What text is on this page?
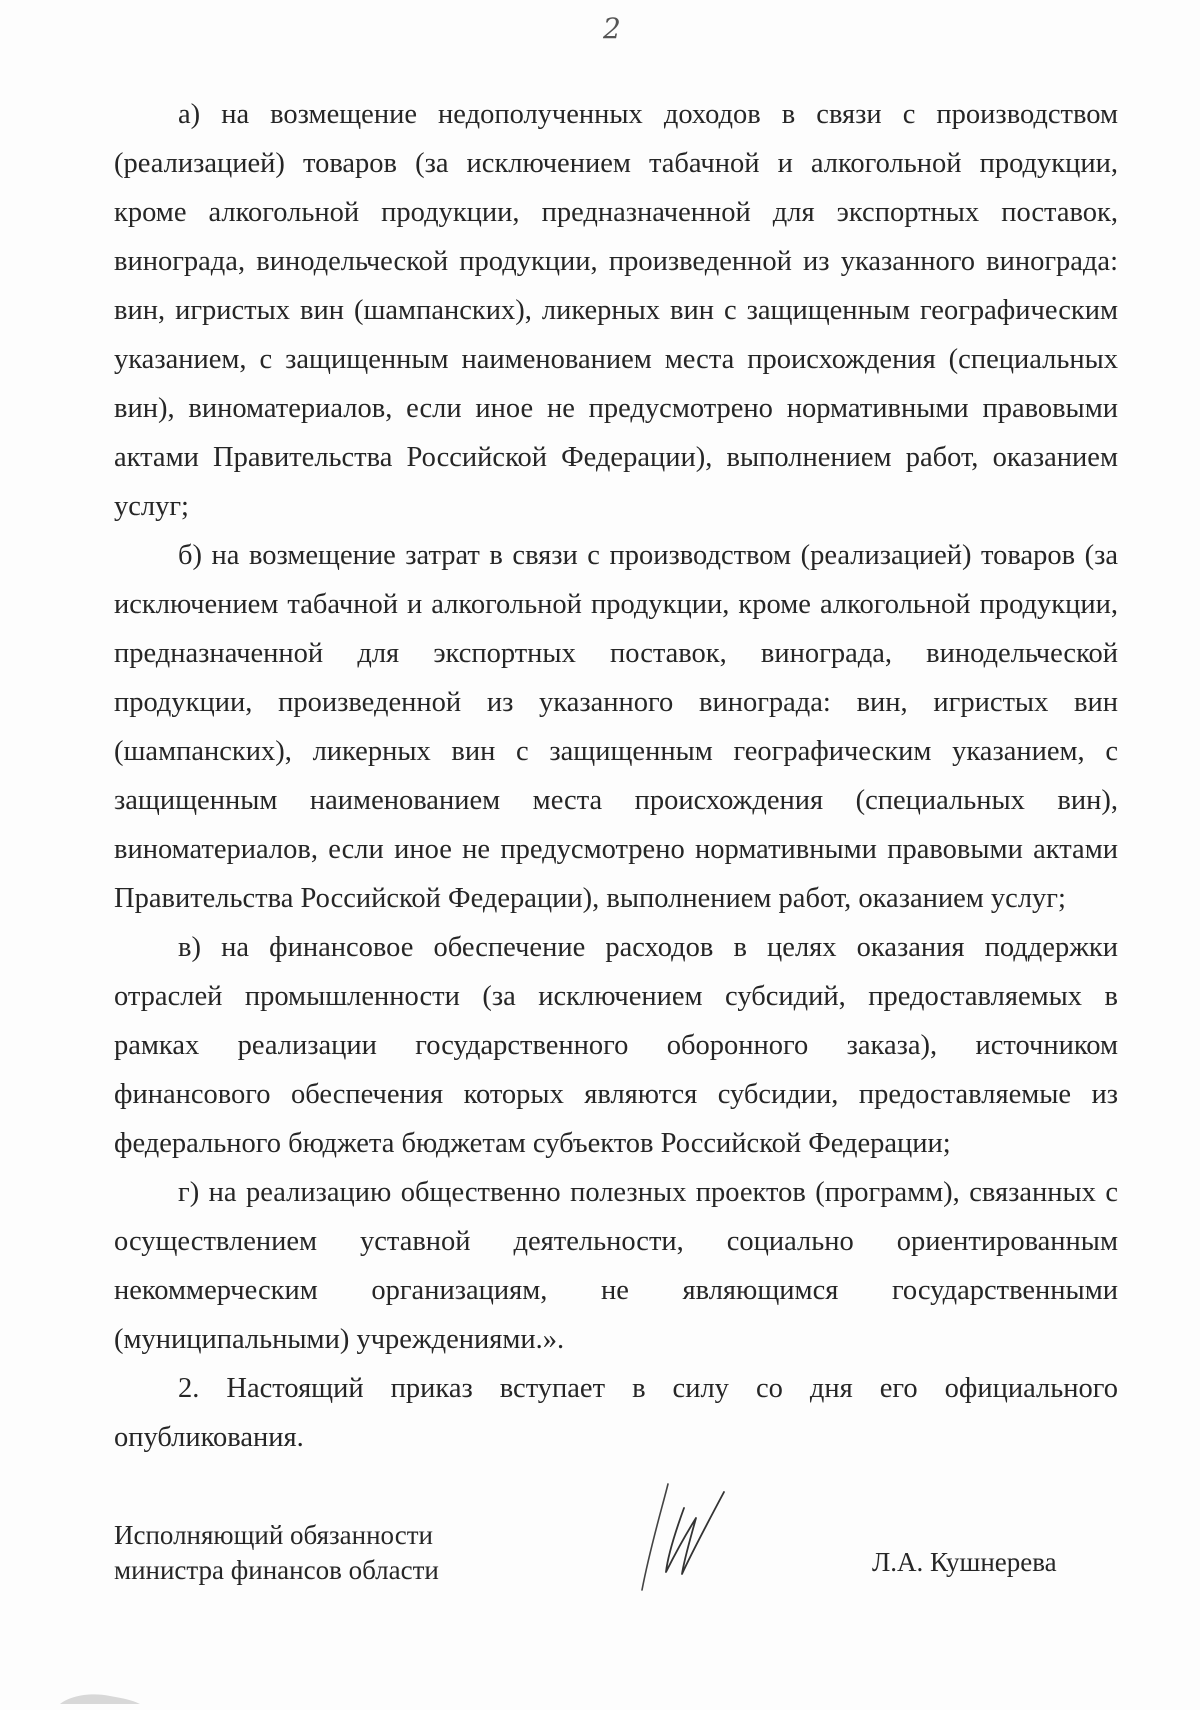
2

а) на возмещение недополученных доходов в связи с производством (реализацией) товаров (за исключением табачной и алкогольной продукции, кроме алкогольной продукции, предназначенной для экспортных поставок, винограда, винодельческой продукции, произведенной из указанного винограда: вин, игристых вин (шампанских), ликерных вин с защищенным географическим указанием, с защищенным наименованием места происхождения (специальных вин), виноматериалов, если иное не предусмотрено нормативными правовыми актами Правительства Российской Федерации), выполнением работ, оказанием услуг;

б) на возмещение затрат в связи с производством (реализацией) товаров (за исключением табачной и алкогольной продукции, кроме алкогольной продукции, предназначенной для экспортных поставок, винограда, винодельческой продукции, произведенной из указанного винограда: вин, игристых вин (шампанских), ликерных вин с защищенным географическим указанием, с защищенным наименованием места происхождения (специальных вин), виноматериалов, если иное не предусмотрено нормативными правовыми актами Правительства Российской Федерации), выполнением работ, оказанием услуг;

в) на финансовое обеспечение расходов в целях оказания поддержки отраслей промышленности (за исключением субсидий, предоставляемых в рамках реализации государственного оборонного заказа), источником финансового обеспечения которых являются субсидии, предоставляемые из федерального бюджета бюджетам субъектов Российской Федерации;

г) на реализацию общественно полезных проектов (программ), связанных с осуществлением уставной деятельности, социально ориентированным некоммерческим организациям, не являющимся государственными (муниципальными) учреждениями.».

2. Настоящий приказ вступает в силу со дня его официального опубликования.

Исполняющий обязанности
министра финансов области	Л.А. Кушнерева
